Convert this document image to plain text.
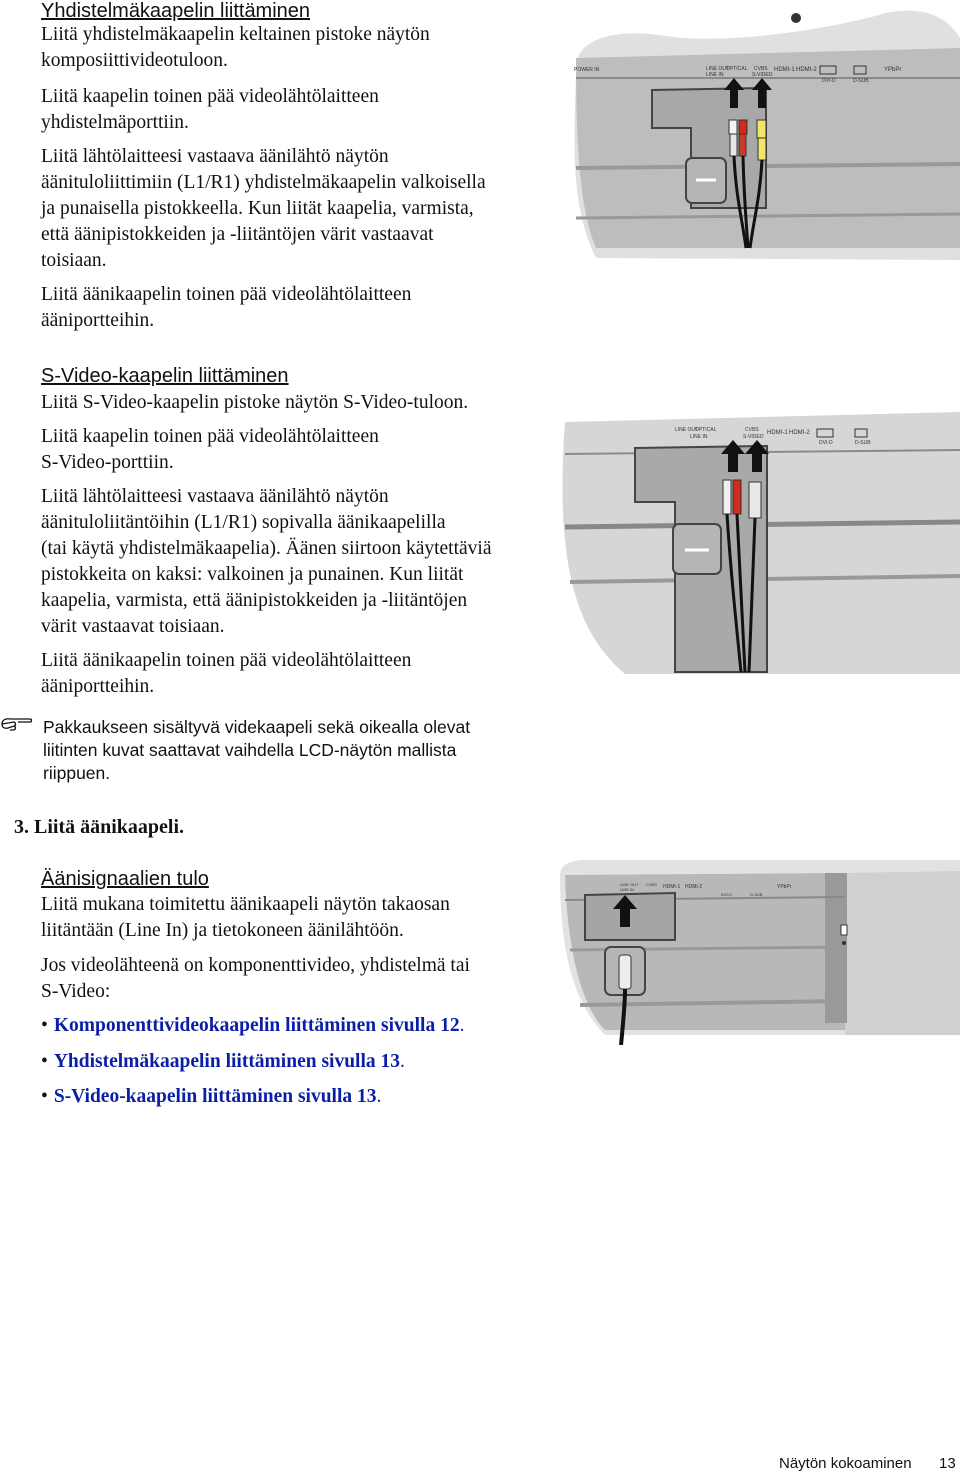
Yhdistelmäkaapelin liittäminen

Liitä yhdistelmäkaapelin keltainen pistoke näytön
komposiittivideotuloon.

Liitä kaapelin toinen pää videolähtölaitteen
yhdistelmäporttiin.

Liitä lähtölaitteesi vastaava äänilähtö näytön
äänituloliittimiin (L1/R1) yhdistelmäkaapelin valkoisella
ja punaisella pistokkeella. Kun liität kaapelia, varmista,
että äänipistokkeiden ja -liitäntöjen värit vastaavat
toisiaan.

Liitä äänikaapelin toinen pää videolähtölaitteen
ääniportteihin.

POWER IN	LINE OUT
OPTICAL
LINE IN
CVBS
S-VIDEO
HDMI-1 HDMI-2
DVI-D	D-SUB
YPbPr
S-Video-kaapelin liittäminen

Liitä S-Video-kaapelin pistoke näytön S-Video-tuloon.

Liitä kaapelin toinen pää videolähtölaitteen
S-Video-porttiin.

Liitä lähtölaitteesi vastaava äänilähtö näytön
äänituloliitäntöihin (L1/R1) sopivalla äänikaapelilla
(tai käytä yhdistelmäkaapelia). Äänen siirtoon käytettäviä
pistokkeita on kaksi: valkoinen ja punainen. Kun liität
kaapelia, varmista, että äänipistokkeiden ja -liitäntöjen
värit vastaavat toisiaan.

Liitä äänikaapelin toinen pää videolähtölaitteen
ääniportteihin.

LINE OUT
OPTICAL
LINE IN
CVBS
S-VIDEO
HDMI-1 HDMI-2
DVI-D	D-SUB

Pakkaukseen sisältyvä videkaapeli sekä oikealla olevat
liitinten kuvat saattavat vaihdella LCD-näytön mallista
riippuen.

3. Liitä äänikaapeli.

Äänisignaalien tulo

Liitä mukana toimitettu äänikaapeli näytön takaosan
liitäntään (Line In) ja tietokoneen äänilähtöön.

Jos videolähteenä on komponenttivideo, yhdistelmä tai
S-Video:

• Komponenttivideokaapelin liittäminen sivulla 12.

• Yhdistelmäkaapelin liittäminen sivulla 13.

• S-Video-kaapelin liittäminen sivulla 13.

LINE OUT
LINE IN
CVBS HDMI-1 HDMI-2
DVI-D	D-SUB
YPbPr
Näytön kokoaminen 13
